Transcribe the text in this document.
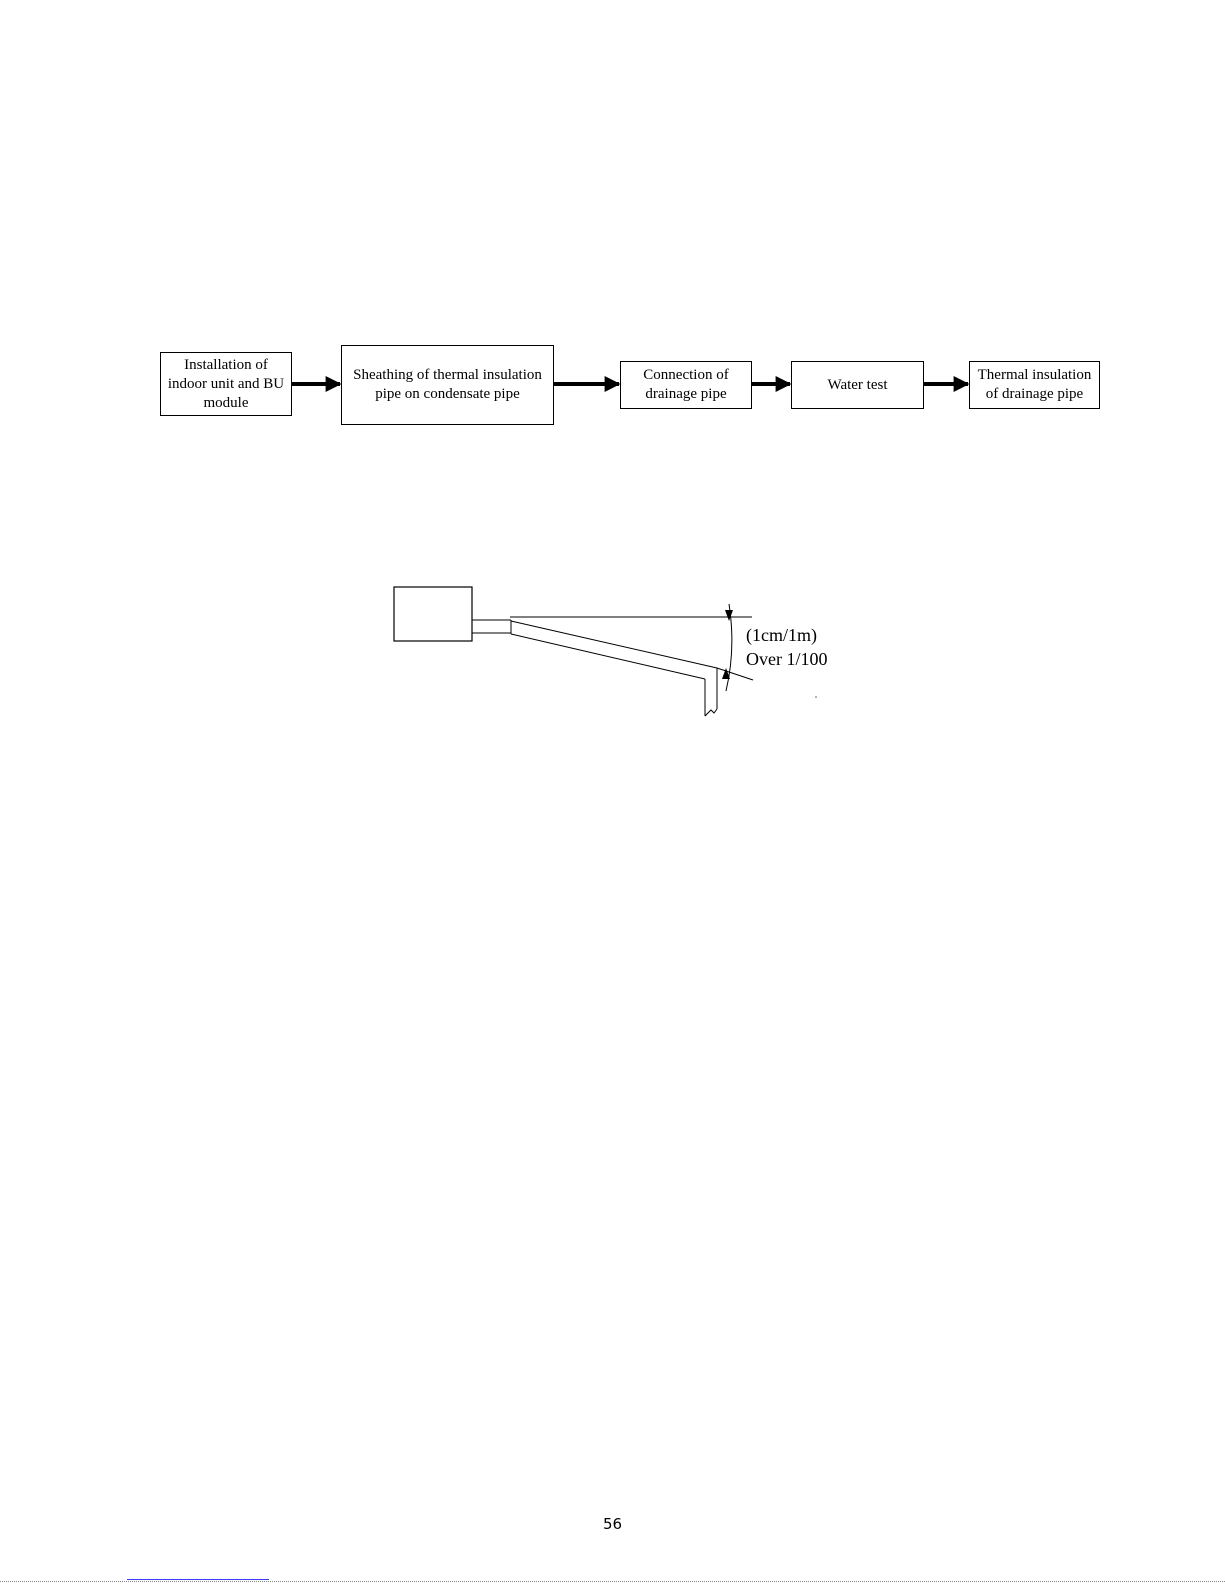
Installation of
indoor unit and BU
module
Sheathing of thermal insulation
pipe on condensate pipe
Connection of
drainage pipe
Water test
Thermal insulation
of drainage pipe
(1cm/1m)
Over 1/100
56
